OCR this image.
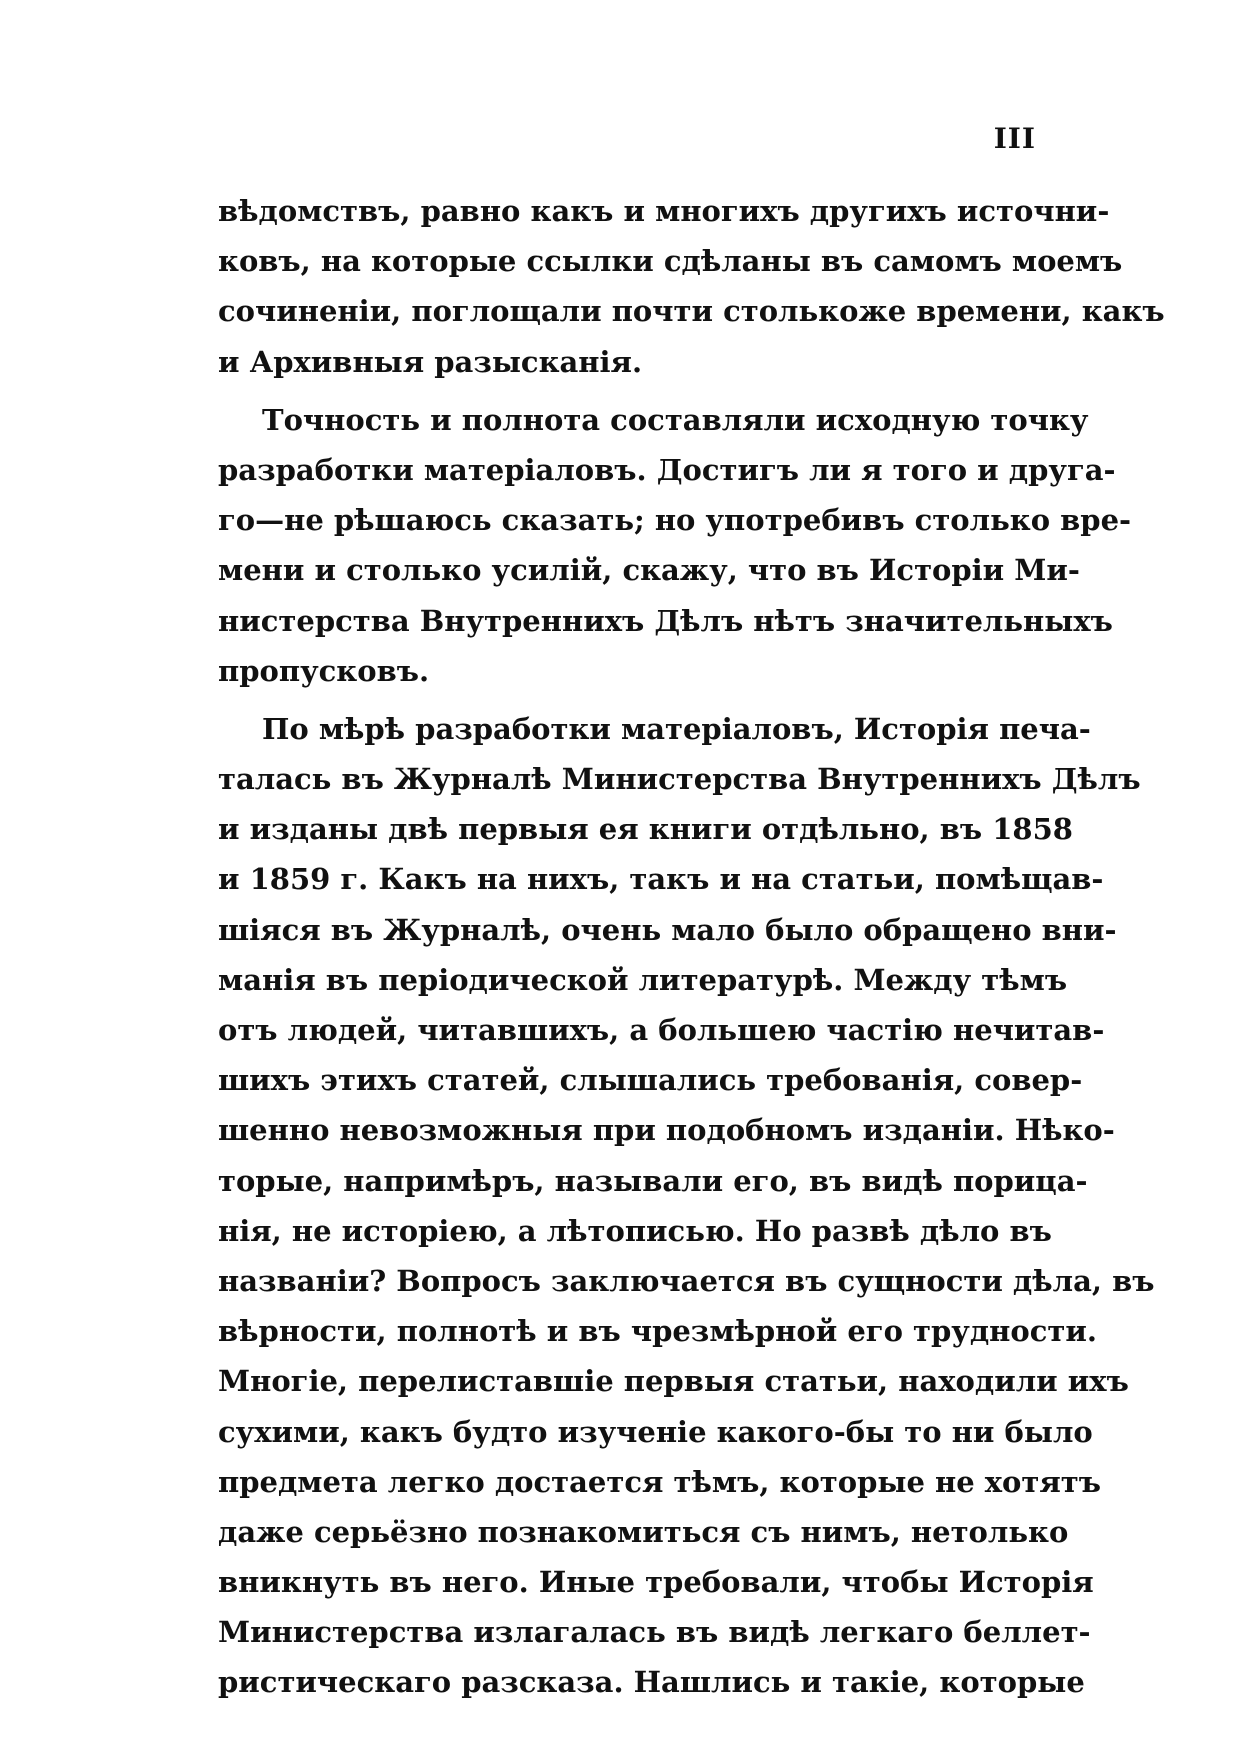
III
вѣдомствъ, равно какъ и многихъ другихъ источни-
ковъ, на которые ссылки сдѣланы въ самомъ моемъ
сочиненіи, поглощали почти столькоже времени, какъ
и Архивныя разысканія.
Точность и полнота составляли исходную точку
разработки матеріаловъ. Достигъ ли я того и друга-
го—не рѣшаюсь сказать; но употребивъ столько вре-
мени и столько усилій, скажу, что въ Исторіи Ми-
нистерства Внутреннихъ Дѣлъ нѣтъ значительныхъ
пропусковъ.
По мѣрѣ разработки матеріаловъ, Исторія печа-
талась въ Журналѣ Министерства Внутреннихъ Дѣлъ
и изданы двѣ первыя ея книги отдѣльно, въ 1858
и 1859 г. Какъ на нихъ, такъ и на статьи, помѣщав-
шіяся въ Журналѣ, очень мало было обращено вни-
манія въ періодической литературѣ. Между тѣмъ
отъ людей, читавшихъ, а большею частію нечитав-
шихъ этихъ статей, слышались требованія, совер-
шенно невозможныя при подобномъ изданіи. Нѣко-
торые, напримѣръ, называли его, въ видѣ порица-
нія, не исторіею, а лѣтописью. Но развѣ дѣло въ
названіи? Вопросъ заключается въ сущности дѣла, въ
вѣрности, полнотѣ и въ чрезмѣрной его трудности.
Многіе, перелиставшіе первыя статьи, находили ихъ
сухими, какъ будто изученіе какого-бы то ни было
предмета легко достается тѣмъ, которые не хотятъ
даже серьёзно познакомиться съ нимъ, нетолько
вникнуть въ него. Иные требовали, чтобы Исторія
Министерства излагалась въ видѣ легкаго беллет-
ристическаго разсказа. Нашлись и такіе, которые
